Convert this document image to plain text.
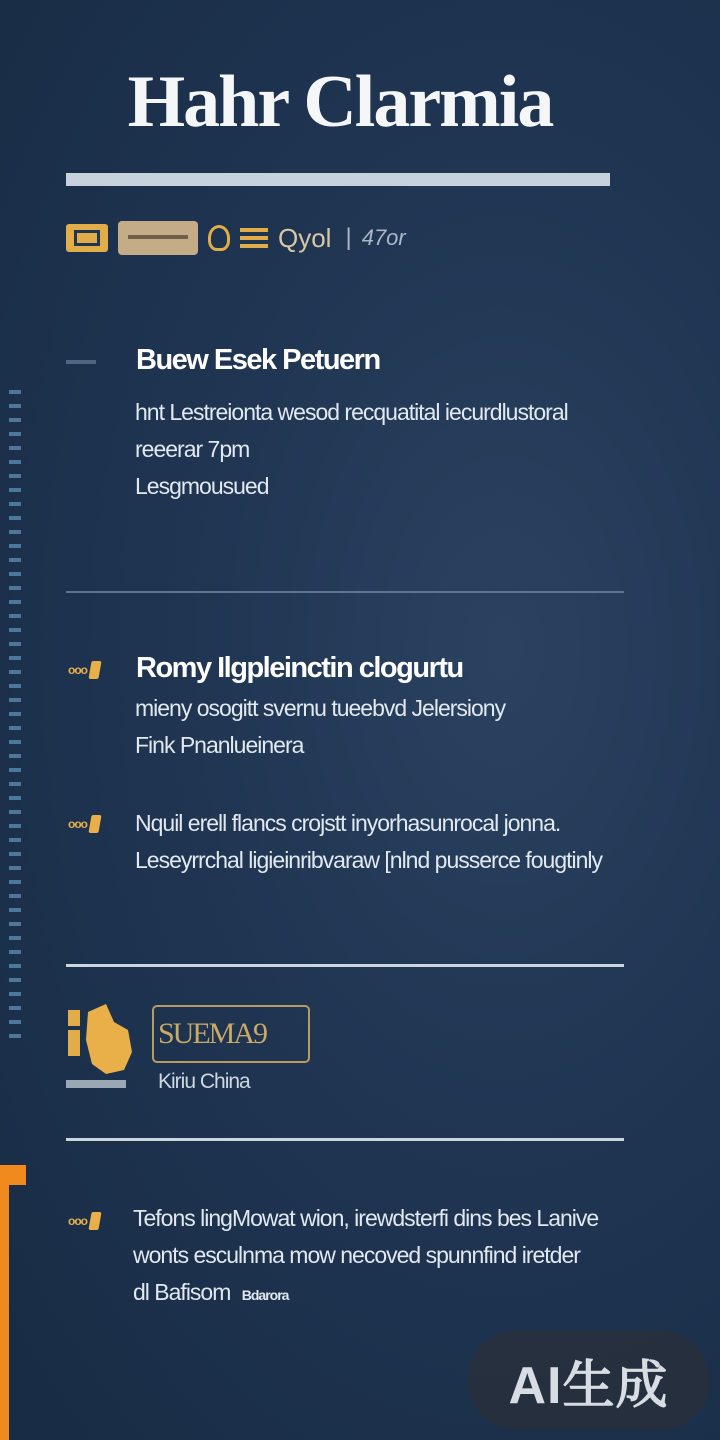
Hahr Clarmia
Qyol | 47or
Buew Esek Petuern
hnt Lestreionta wesod recquatital iecurdlustoral
reeerar 7pm
Lesgmousued
ooo Romy Ilgpleinctin clogurtu
mieny osogitt svernu tueebvd Jelersiony
Fink Pnanlueinera
ooo Nquil erell flancs crojstt inyorhasunrocal jonna.
Leseyrrchal ligieinribvaraw [nlnd pusserce fougtinly
SUEMA9
Kiriu China
ooo Tefons lingMowat wion, irewdsterfi dins bes Lanive
wonts esculnma mow necoved spunnfind iretder
dl Bafisom Bdarora
AI生成
